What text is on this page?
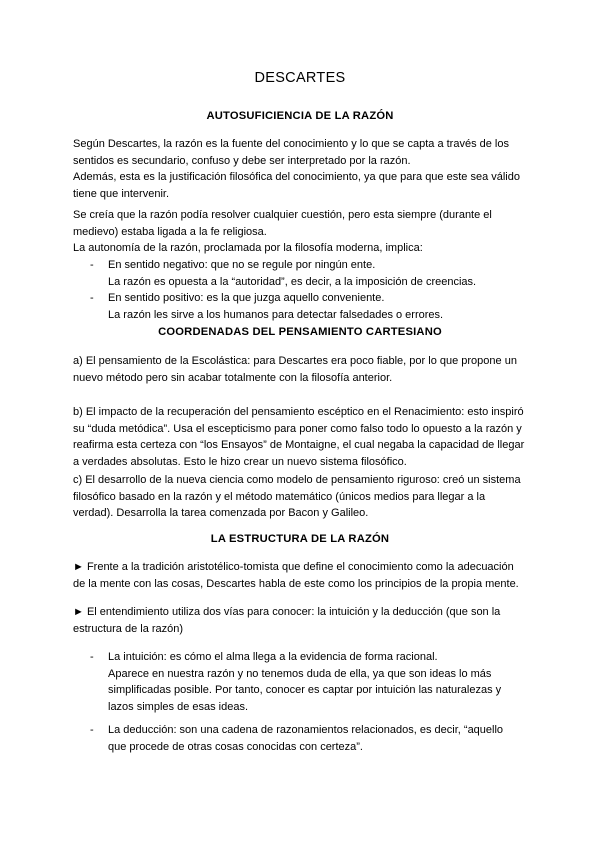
DESCARTES
AUTOSUFICIENCIA DE LA RAZÓN
Según Descartes, la razón es la fuente del conocimiento y lo que se capta a través de los
sentidos es secundario, confuso y debe ser interpretado por la razón.
Además, esta es la justificación filosófica del conocimiento, ya que para que este sea válido
tiene que intervenir.
Se creía que la razón podía resolver cualquier cuestión, pero esta siempre (durante el
medievo) estaba ligada a la fe religiosa.
La autonomía de la razón, proclamada por la filosofía moderna, implica:
- En sentido negativo: que no se regule por ningún ente.
La razón es opuesta a la “autoridad”, es decir, a la imposición de creencias.
- En sentido positivo: es la que juzga aquello conveniente.
La razón les sirve a los humanos para detectar falsedades o errores.
COORDENADAS DEL PENSAMIENTO CARTESIANO
a) El pensamiento de la Escolástica: para Descartes era poco fiable, por lo que propone un
nuevo método pero sin acabar totalmente con la filosofía anterior.
b) El impacto de la recuperación del pensamiento escéptico en el Renacimiento: esto inspiró
su “duda metódica”. Usa el escepticismo para poner como falso todo lo opuesto a la razón y
reafirma esta certeza con “los Ensayos” de Montaigne, el cual negaba la capacidad de llegar
a verdades absolutas. Esto le hizo crear un nuevo sistema filosófico.
c) El desarrollo de la nueva ciencia como modelo de pensamiento riguroso: creó un sistema
filosófico basado en la razón y el método matemático (únicos medios para llegar a la
verdad). Desarrolla la tarea comenzada por Bacon y Galileo.
LA ESTRUCTURA DE LA RAZÓN
► Frente a la tradición aristotélico-tomista que define el conocimiento como la adecuación
de la mente con las cosas, Descartes habla de este como los principios de la propia mente.
► El entendimiento utiliza dos vías para conocer: la intuición y la deducción (que son la
estructura de la razón)
- La intuición: es cómo el alma llega a la evidencia de forma racional.
Aparece en nuestra razón y no tenemos duda de ella, ya que son ideas lo más
simplificadas posible. Por tanto, conocer es captar por intuición las naturalezas y
lazos simples de esas ideas.
- La deducción: son una cadena de razonamientos relacionados, es decir, “aquello
que procede de otras cosas conocidas con certeza”.
